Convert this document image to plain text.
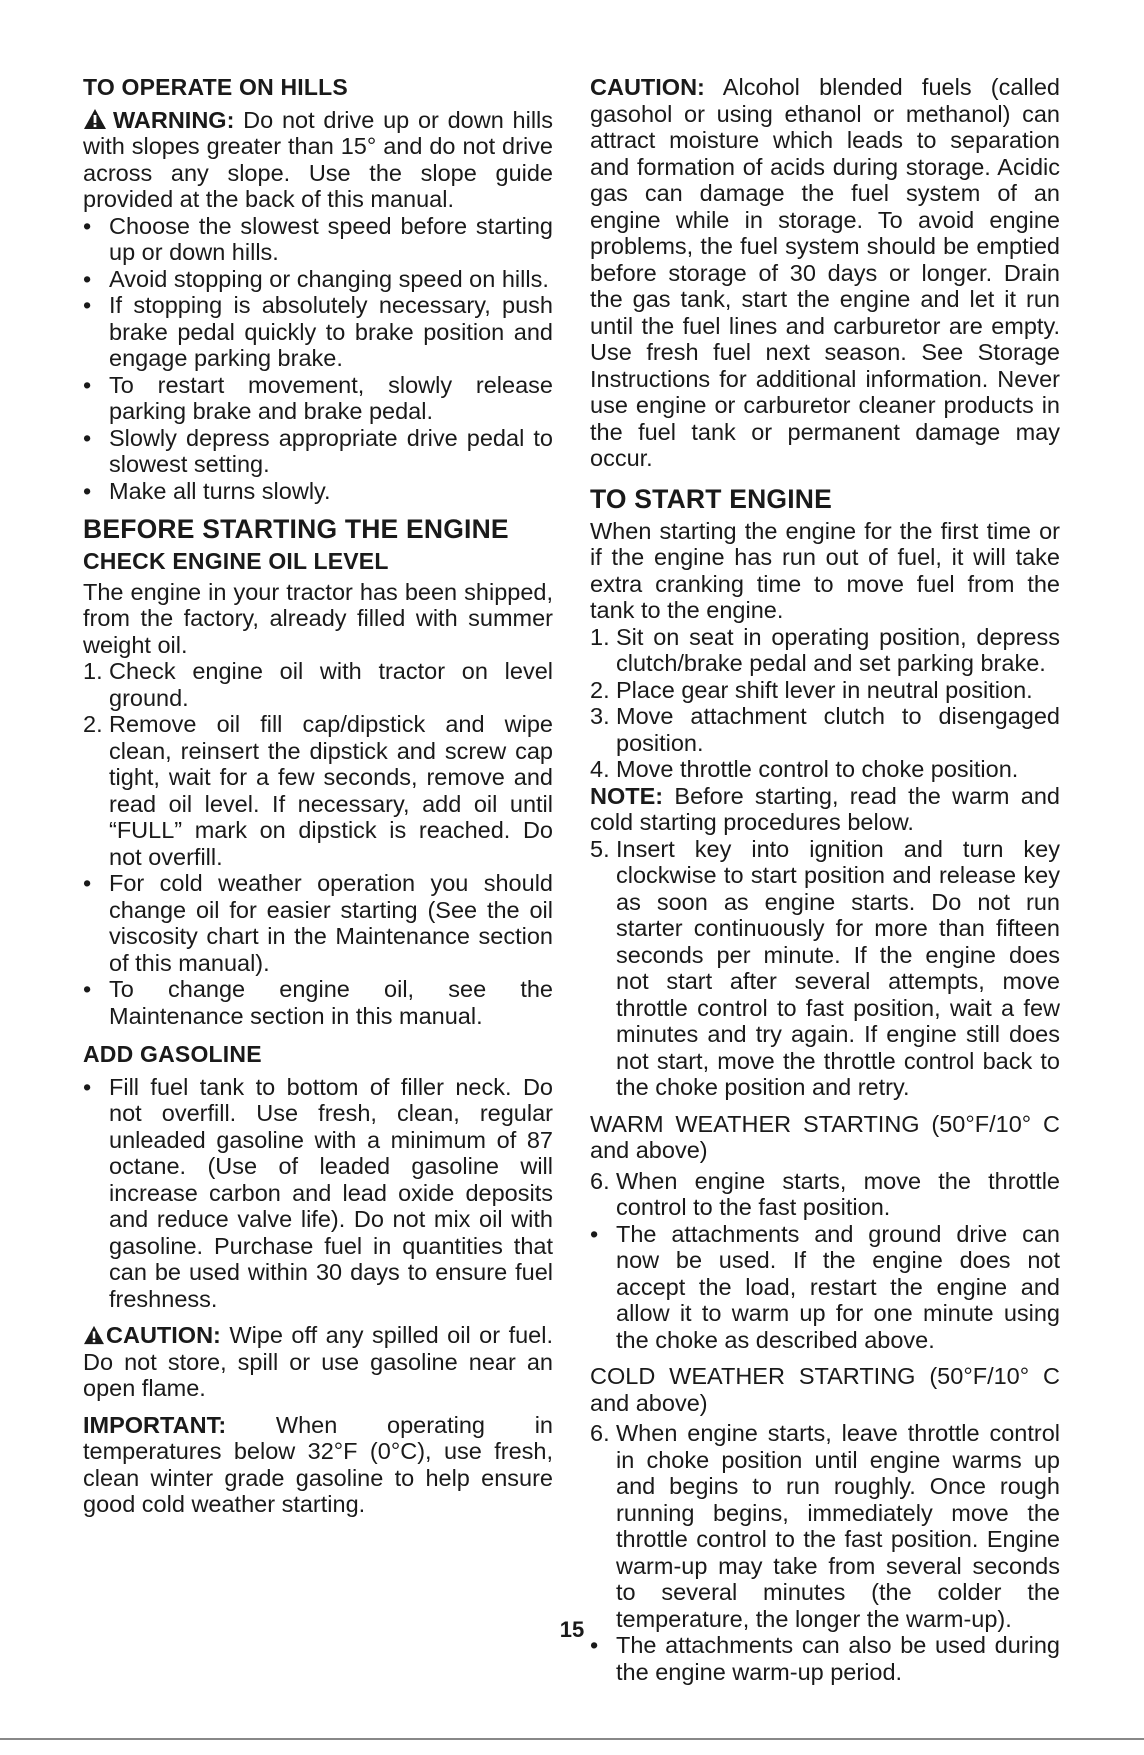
TO OPERATE ON HILLS

WARNING: Do not drive up or down hills with slopes greater than 15° and do not drive across any slope. Use the slope guide provided at the back of this manual.

• Choose the slowest speed before starting up or down hills.
• Avoid stopping or changing speed on hills.
• If stopping is absolutely necessary, push brake pedal quickly to brake position and engage parking brake.
• To restart movement, slowly release parking brake and brake pedal.
• Slowly depress appropriate drive pedal to slowest setting.
• Make all turns slowly.
BEFORE STARTING THE ENGINE
CHECK ENGINE OIL LEVEL

The engine in your tractor has been shipped, from the factory, already filled with summer weight oil.

1. Check engine oil with tractor on level ground.
2. Remove oil fill cap/dipstick and wipe clean, reinsert the dipstick and screw cap tight, wait for a few seconds, remove and read oil level. If necessary, add oil until “FULL” mark on dipstick is reached. Do not overfill.
• For cold weather operation you should change oil for easier starting (See the oil viscosity chart in the Maintenance section of this manual).
• To change engine oil, see the Maintenance section in this manual.
ADD GASOLINE
• Fill fuel tank to bottom of filler neck. Do not overfill. Use fresh, clean, regular unleaded gasoline with a minimum of 87 octane. (Use of leaded gasoline will increase carbon and lead oxide deposits and reduce valve life). Do not mix oil with gasoline. Purchase fuel in quantities that can be used within 30 days to ensure fuel freshness.

CAUTION: Wipe off any spilled oil or fuel. Do not store, spill or use gasoline near an open flame.

IMPORTANT: When operating in temperatures below 32°F (0°C), use fresh, clean winter grade gasoline to help ensure good cold weather starting.

CAUTION: Alcohol blended fuels (called gasohol or using ethanol or methanol) can attract moisture which leads to separation and formation of acids during storage. Acidic gas can damage the fuel system of an engine while in storage. To avoid engine problems, the fuel system should be emptied before storage of 30 days or longer. Drain the gas tank, start the engine and let it run until the fuel lines and carburetor are empty. Use fresh fuel next season. See Storage Instructions for additional information. Never use engine or carburetor cleaner products in the fuel tank or permanent damage may occur.

TO START ENGINE

When starting the engine for the first time or if the engine has run out of fuel, it will take extra cranking time to move fuel from the tank to the engine.

1. Sit on seat in operating position, depress clutch/brake pedal and set parking brake.
2. Place gear shift lever in neutral position.
3. Move attachment clutch to disengaged position.
4. Move throttle control to choke position.

NOTE: Before starting, read the warm and cold starting procedures below.

5. Insert key into ignition and turn key clockwise to start position and release key as soon as engine starts. Do not run starter continuously for more than fifteen seconds per minute. If the engine does not start after several attempts, move throttle control to fast position, wait a few minutes and try again. If engine still does not start, move the throttle control back to the choke position and retry.

WARM WEATHER STARTING (50°F/10° C and above)

6. When engine starts, move the throttle control to the fast position.
• The attachments and ground drive can now be used. If the engine does not accept the load, restart the engine and allow it to warm up for one minute using the choke as described above.

COLD WEATHER STARTING (50°F/10° C and above)

6. When engine starts, leave throttle control in choke position until engine warms up and begins to run roughly. Once rough running begins, immediately move the throttle control to the fast position. Engine warm-up may take from several seconds to several minutes (the colder the temperature, the longer the warm-up).
• The attachments can also be used during the engine warm-up period.
15
